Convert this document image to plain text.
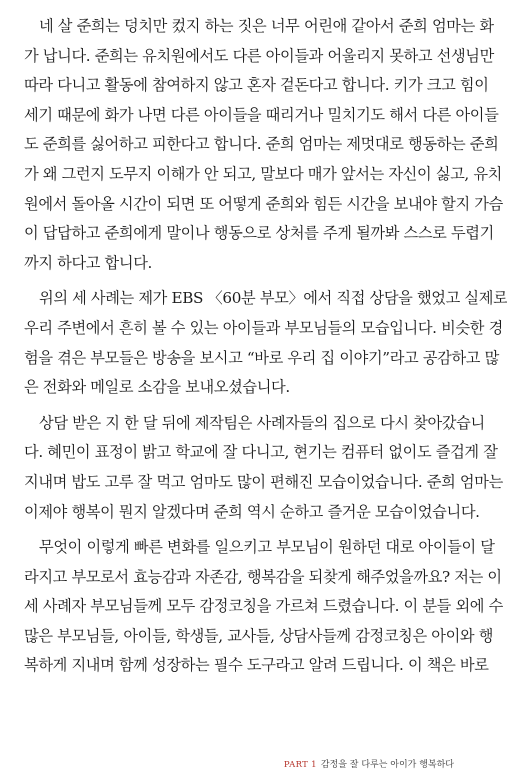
네 살 준희는 덩치만 컸지 하는 짓은 너무 어린애 같아서 준희 엄마는 화
가 납니다. 준희는 유치원에서도 다른 아이들과 어울리지 못하고 선생님만
따라 다니고 활동에 참여하지 않고 혼자 겉돈다고 합니다. 키가 크고 힘이
세기 때문에 화가 나면 다른 아이들을 때리거나 밀치기도 해서 다른 아이들
도 준희를 싫어하고 피한다고 합니다. 준희 엄마는 제멋대로 행동하는 준희
가 왜 그런지 도무지 이해가 안 되고, 말보다 매가 앞서는 자신이 싫고, 유치
원에서 돌아올 시간이 되면 또 어떻게 준희와 힘든 시간을 보내야 할지 가슴
이 답답하고 준희에게 말이나 행동으로 상처를 주게 될까봐 스스로 두렵기
까지 하다고 합니다.
위의 세 사례는 제가 EBS 〈60분 부모〉에서 직접 상담을 했었고 실제로
우리 주변에서 흔히 볼 수 있는 아이들과 부모님들의 모습입니다. 비슷한 경
험을 겪은 부모들은 방송을 보시고 “바로 우리 집 이야기”라고 공감하고 많
은 전화와 메일로 소감을 보내오셨습니다.
상담 받은 지 한 달 뒤에 제작팀은 사례자들의 집으로 다시 찾아갔습니
다. 혜민이 표정이 밝고 학교에 잘 다니고, 현기는 컴퓨터 없이도 즐겁게 잘
지내며 밥도 고루 잘 먹고 엄마도 많이 편해진 모습이었습니다. 준희 엄마는
이제야 행복이 뭔지 알겠다며 준희 역시 순하고 즐거운 모습이었습니다.
무엇이 이렇게 빠른 변화를 일으키고 부모님이 원하던 대로 아이들이 달
라지고 부모로서 효능감과 자존감, 행복감을 되찾게 해주었을까요? 저는 이
세 사례자 부모님들께 모두 감정코칭을 가르쳐 드렸습니다. 이 분들 외에 수
많은 부모님들, 아이들, 학생들, 교사들, 상담사들께 감정코칭은 아이와 행
복하게 지내며 함께 성장하는 필수 도구라고 알려 드립니다. 이 책은 바로
PART 1 감정을 잘 다루는 아이가 행복하다
